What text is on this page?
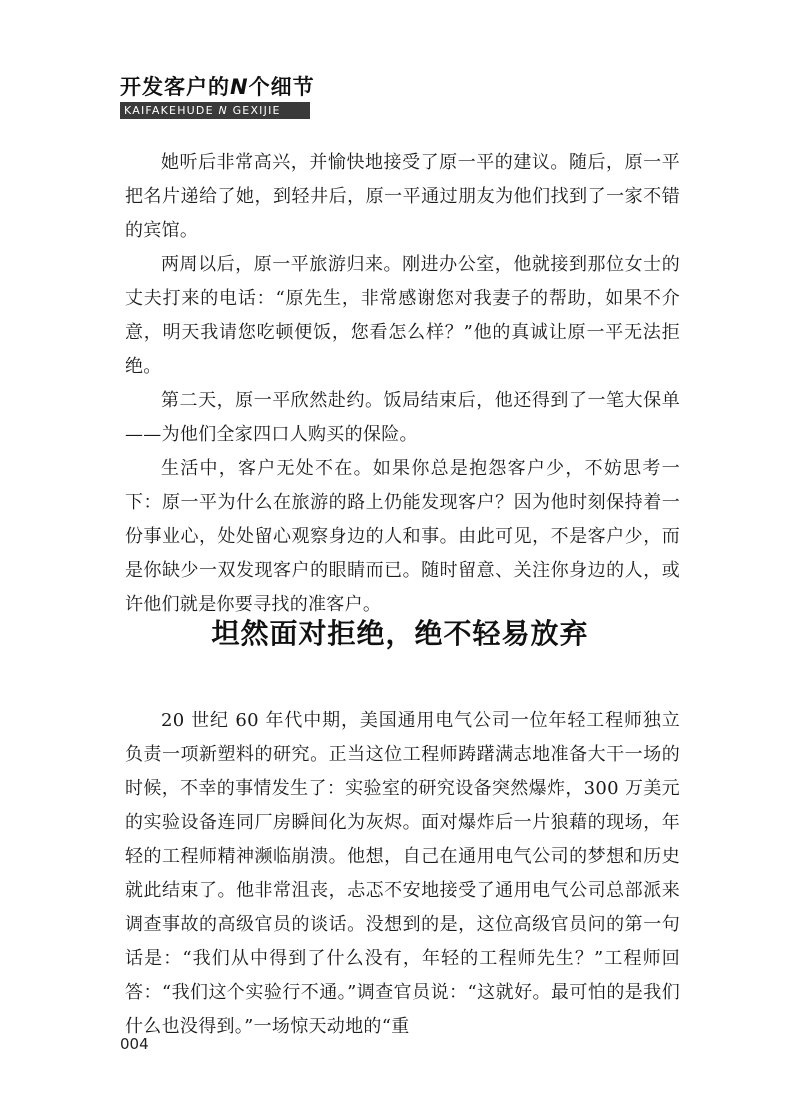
开发客户的N个细节
KAIFAKEHUDE N GEXIJIE

她听后非常高兴，并愉快地接受了原一平的建议。随后，原一平把名片递给了她，到轻井后，原一平通过朋友为他们找到了一家不错的宾馆。

两周以后，原一平旅游归来。刚进办公室，他就接到那位女士的丈夫打来的电话：“原先生，非常感谢您对我妻子的帮助，如果不介意，明天我请您吃顿便饭，您看怎么样？”他的真诚让原一平无法拒绝。

第二天，原一平欣然赴约。饭局结束后，他还得到了一笔大保单——为他们全家四口人购买的保险。

生活中，客户无处不在。如果你总是抱怨客户少，不妨思考一下：原一平为什么在旅游的路上仍能发现客户？因为他时刻保持着一份事业心，处处留心观察身边的人和事。由此可见，不是客户少，而是你缺少一双发现客户的眼睛而已。随时留意、关注你身边的人，或许他们就是你要寻找的准客户。

坦然面对拒绝，绝不轻易放弃

20 世纪 60 年代中期，美国通用电气公司一位年轻工程师独立负责一项新塑料的研究。正当这位工程师踌躇满志地准备大干一场的时候，不幸的事情发生了：实验室的研究设备突然爆炸，300 万美元的实验设备连同厂房瞬间化为灰烬。面对爆炸后一片狼藉的现场，年轻的工程师精神濒临崩溃。他想，自己在通用电气公司的梦想和历史就此结束了。他非常沮丧，忐忑不安地接受了通用电气公司总部派来调查事故的高级官员的谈话。没想到的是，这位高级官员问的第一句话是：“我们从中得到了什么没有，年轻的工程师先生？”工程师回答：“我们这个实验行不通。”调查官员说：“这就好。最可怕的是我们什么也没得到。”一场惊天动地的“重

004
